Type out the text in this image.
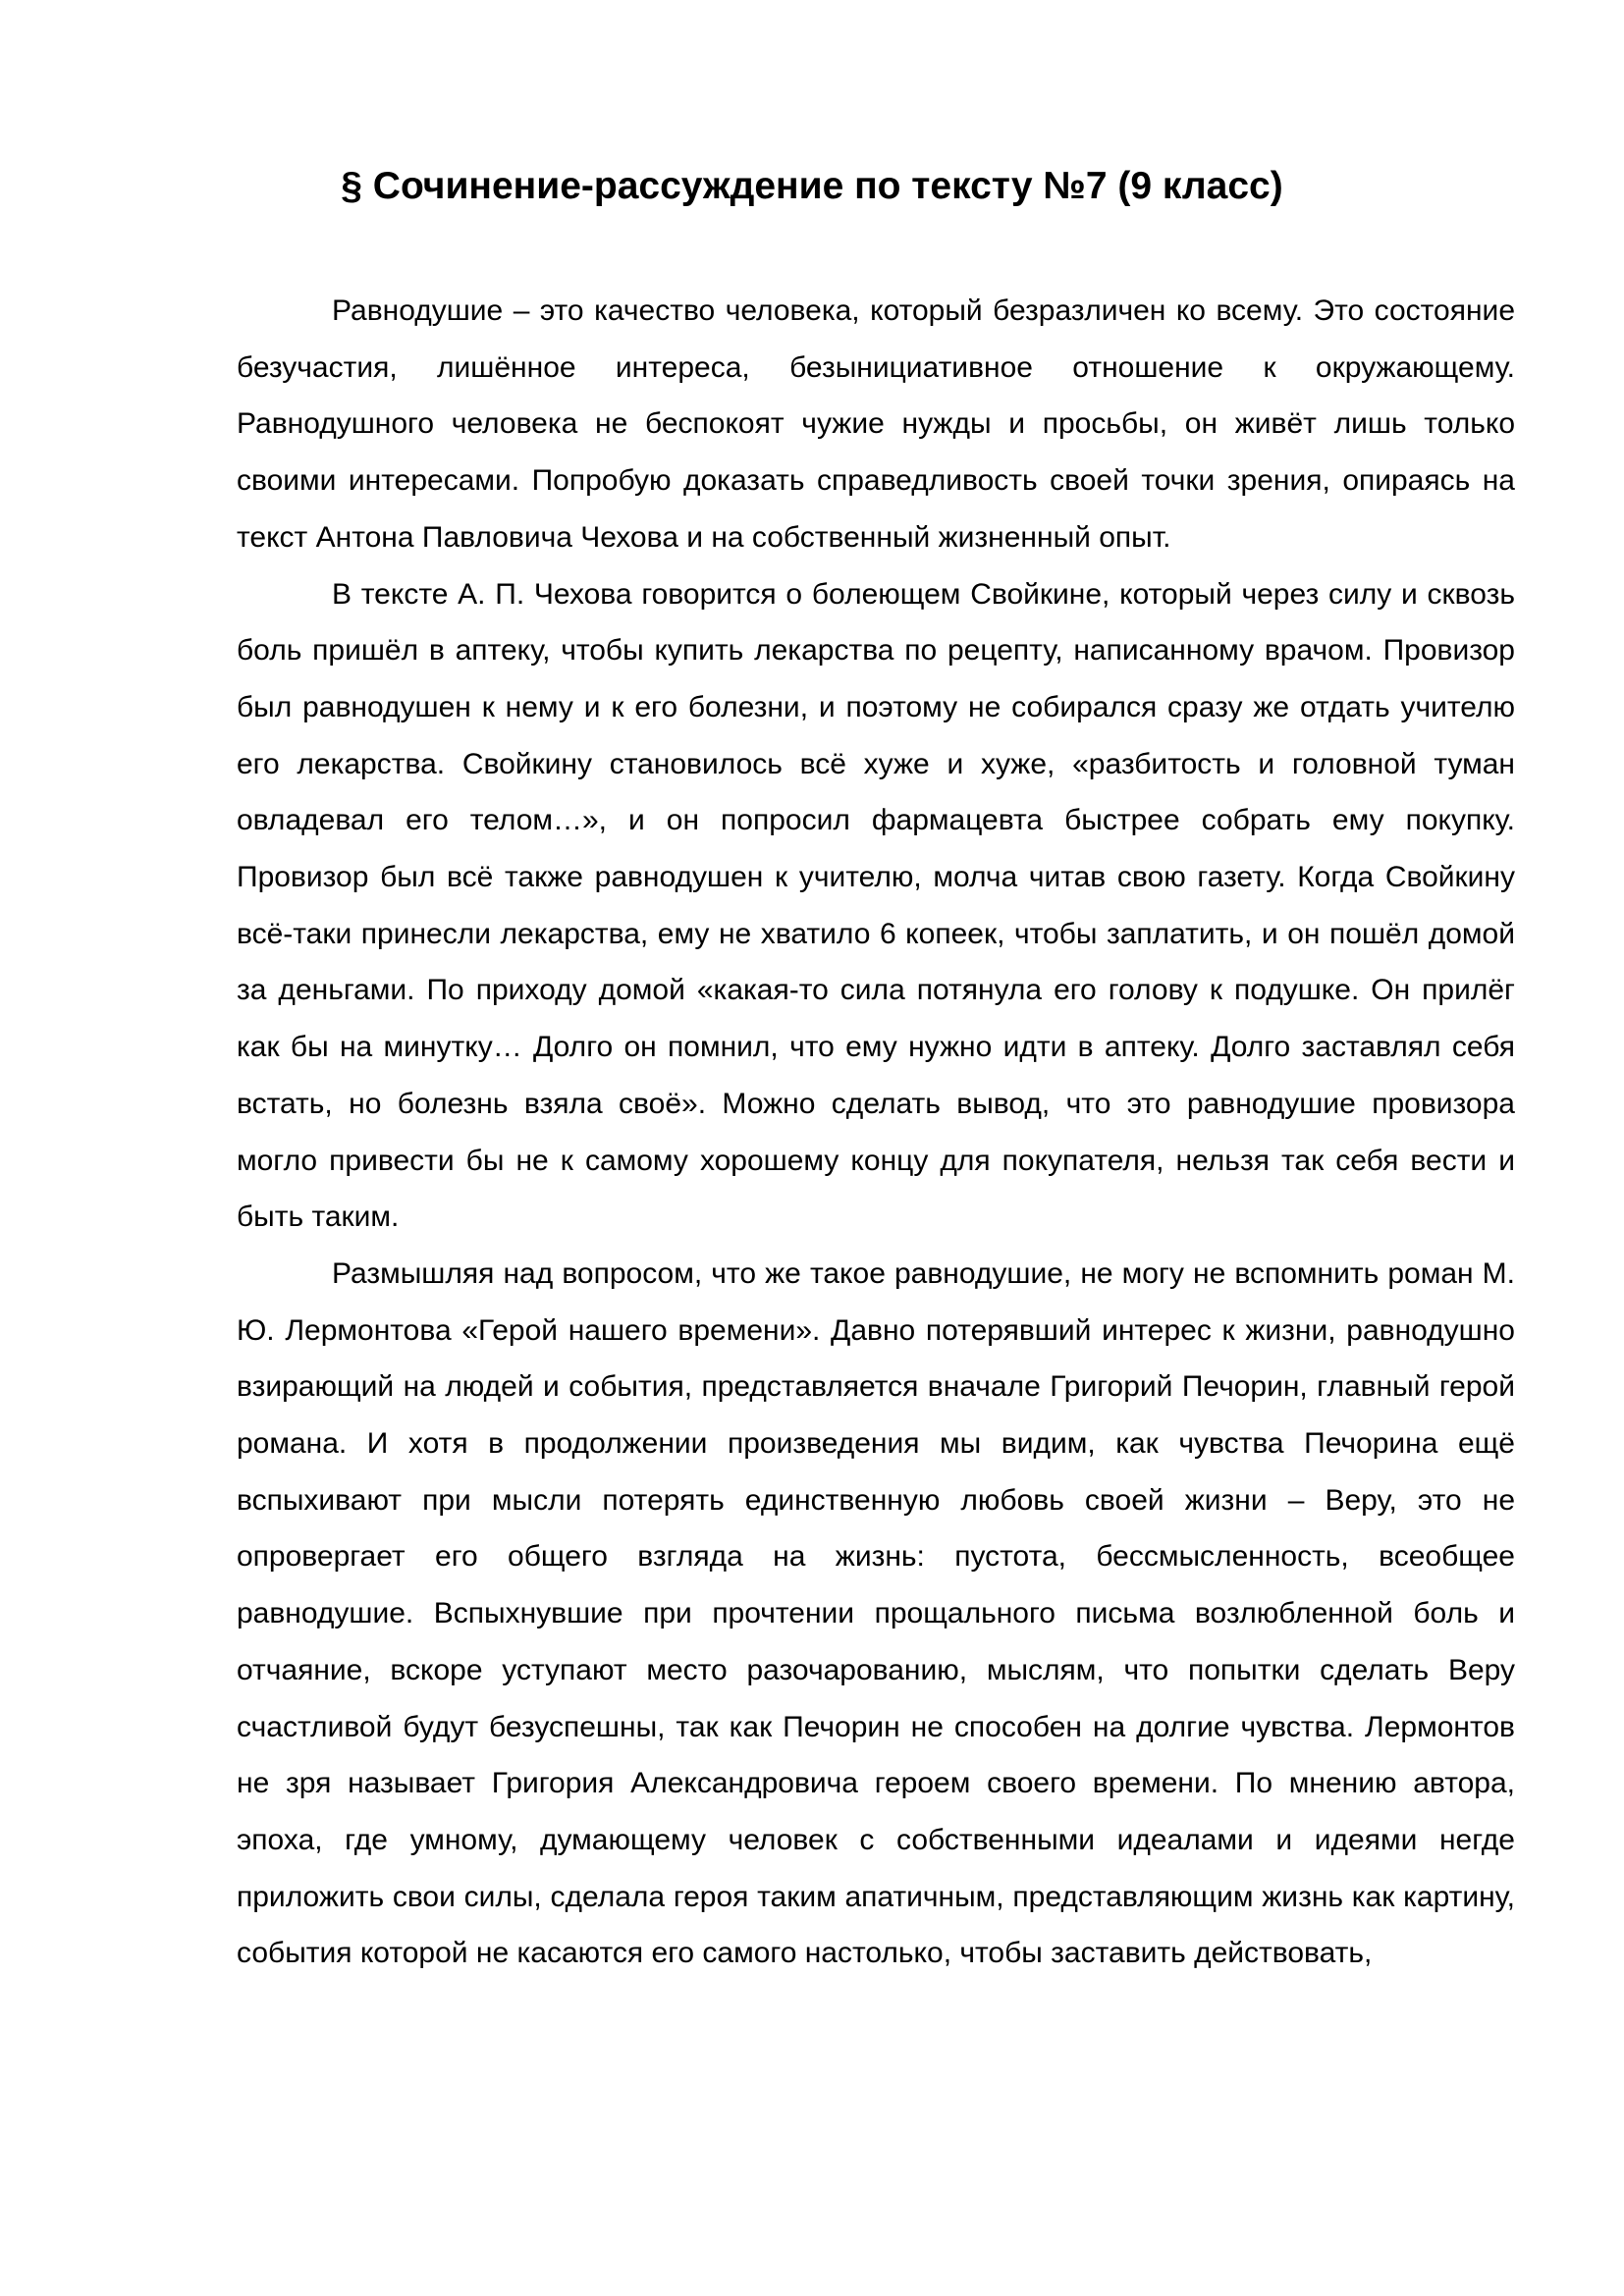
§ Сочинение-рассуждение по тексту №7 (9 класс)

Равнодушие – это качество человека, который безразличен ко всему. Это состояние безучастия, лишённое интереса, безынициативное отношение к окружающему. Равнодушного человека не беспокоят чужие нужды и просьбы, он живёт лишь только своими интересами. Попробую доказать справедливость своей точки зрения, опираясь на текст Антона Павловича Чехова и на собственный жизненный опыт.

В тексте А. П. Чехова говорится о болеющем Свойкине, который через силу и сквозь боль пришёл в аптеку, чтобы купить лекарства по рецепту, написанному врачом. Провизор был равнодушен к нему и к его болезни, и поэтому не собирался сразу же отдать учителю его лекарства. Свойкину становилось всё хуже и хуже, «разбитость и головной туман овладевал его телом…», и он попросил фармацевта быстрее собрать ему покупку. Провизор был всё также равнодушен к учителю, молча читав свою газету. Когда Свойкину всё-таки принесли лекарства, ему не хватило 6 копеек, чтобы заплатить, и он пошёл домой за деньгами. По приходу домой «какая-то сила потянула его голову к подушке. Он прилёг как бы на минутку… Долго он помнил, что ему нужно идти в аптеку. Долго заставлял себя встать, но болезнь взяла своё». Можно сделать вывод, что это равнодушие провизора могло привести бы не к самому хорошему концу для покупателя, нельзя так себя вести и быть таким.

Размышляя над вопросом, что же такое равнодушие, не могу не вспомнить роман М. Ю. Лермонтова «Герой нашего времени». Давно потерявший интерес к жизни, равнодушно взирающий на людей и события, представляется вначале Григорий Печорин, главный герой романа. И хотя в продолжении произведения мы видим, как чувства Печорина ещё вспыхивают при мысли потерять единственную любовь своей жизни – Веру, это не опровергает его общего взгляда на жизнь: пустота, бессмысленность, всеобщее равнодушие. Вспыхнувшие при прочтении прощального письма возлюбленной боль и отчаяние, вскоре уступают место разочарованию, мыслям, что попытки сделать Веру счастливой будут безуспешны, так как Печорин не способен на долгие чувства. Лермонтов не зря называет Григория Александровича героем своего времени. По мнению автора, эпоха, где умному, думающему человек с собственными идеалами и идеями негде приложить свои силы, сделала героя таким апатичным, представляющим жизнь как картину, события которой не касаются его самого настолько, чтобы заставить действовать,
